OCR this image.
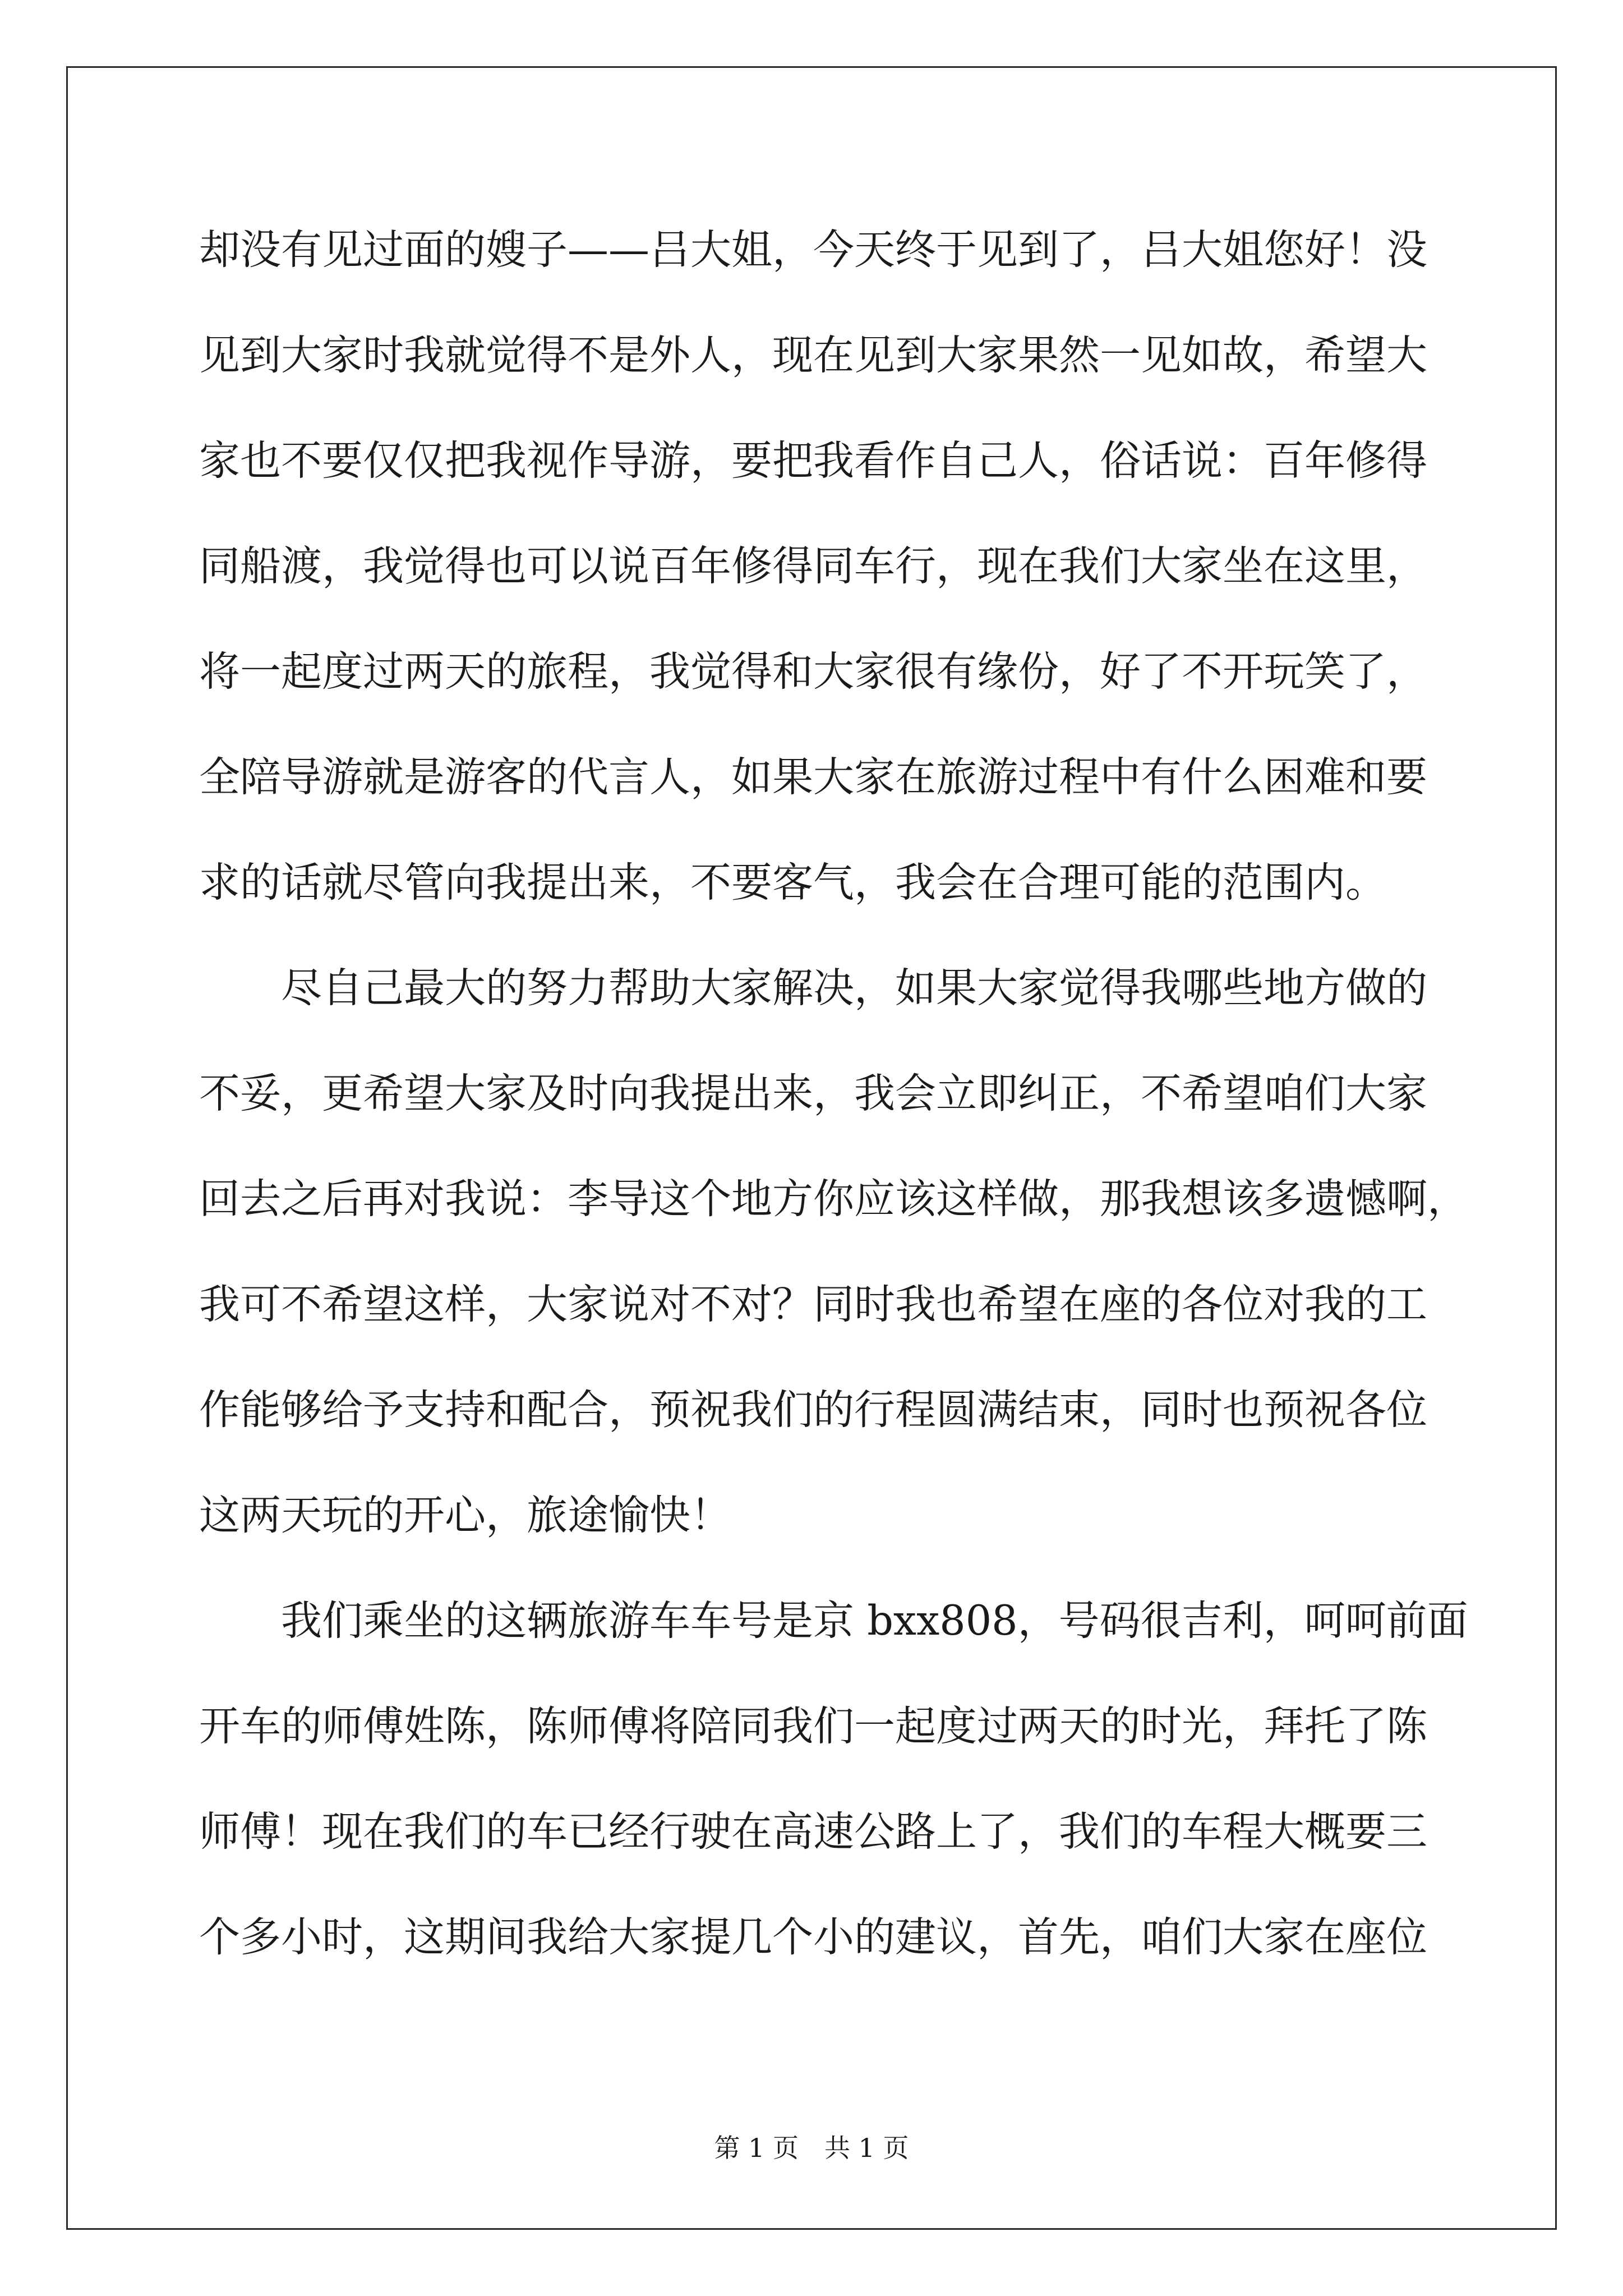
却没有见过面的嫂子——吕大姐，今天终于见到了，吕大姐您好！没
见到大家时我就觉得不是外人，现在见到大家果然一见如故，希望大
家也不要仅仅把我视作导游，要把我看作自己人，俗话说：百年修得
同船渡，我觉得也可以说百年修得同车行，现在我们大家坐在这里，
将一起度过两天的旅程，我觉得和大家很有缘份，好了不开玩笑了，
全陪导游就是游客的代言人，如果大家在旅游过程中有什么困难和要
求的话就尽管向我提出来，不要客气，我会在合理可能的范围内。
尽自己最大的努力帮助大家解决，如果大家觉得我哪些地方做的
不妥，更希望大家及时向我提出来，我会立即纠正，不希望咱们大家
回去之后再对我说：李导这个地方你应该这样做，那我想该多遗憾啊，
我可不希望这样，大家说对不对？同时我也希望在座的各位对我的工
作能够给予支持和配合，预祝我们的行程圆满结束，同时也预祝各位
这两天玩的开心，旅途愉快！
我们乘坐的这辆旅游车车号是京 bxx808，号码很吉利，呵呵前面
开车的师傅姓陈，陈师傅将陪同我们一起度过两天的时光，拜托了陈
师傅！现在我们的车已经行驶在高速公路上了，我们的车程大概要三
个多小时，这期间我给大家提几个小的建议，首先，咱们大家在座位
第 1 页 共 1 页
